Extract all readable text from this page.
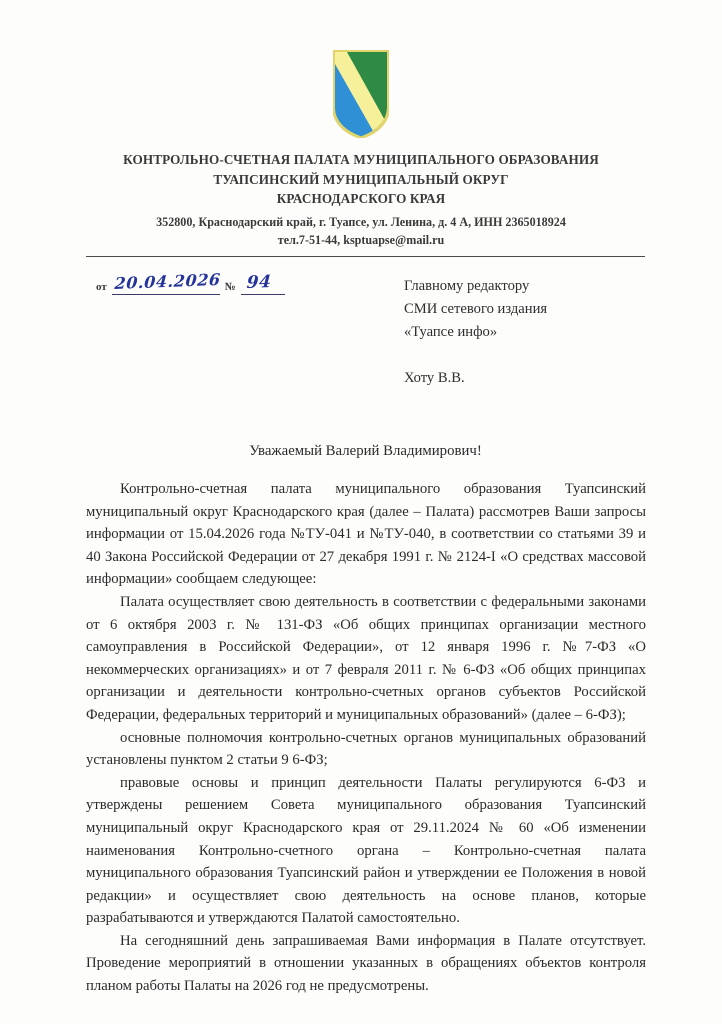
КОНТРОЛЬНО-СЧЕТНАЯ ПАЛАТА МУНИЦИПАЛЬНОГО ОБРАЗОВАНИЯ
ТУАПСИНСКИЙ МУНИЦИПАЛЬНЫЙ ОКРУГ
КРАСНОДАРСКОГО КРАЯ
352800, Краснодарский край, г. Туапсе, ул. Ленина, д. 4 А, ИНН 2365018924
тел.7-51-44, ksptuapse@mail.ru
от 20.04.2026 № 94	Главному редактору
СМИ сетевого издания
«Туапсе инфо»
Хоту В.В.
Уважаемый Валерий Владимирович!

Контрольно-счетная палата муниципального образования Туапсинский муниципальный округ Краснодарского края (далее – Палата) рассмотрев Ваши запросы информации от 15.04.2026 года №ТУ-041 и №ТУ-040, в соответствии со статьями 39 и 40 Закона Российской Федерации от 27 декабря 1991 г. № 2124-I «О средствах массовой информации» сообщаем следующее:

Палата осуществляет свою деятельность в соответствии с федеральными законами от 6 октября 2003 г. № 131-ФЗ «Об общих принципах организации местного самоуправления в Российской Федерации», от 12 января 1996 г. №7-ФЗ «О некоммерческих организациях» и от 7 февраля 2011 г. № 6-ФЗ «Об общих принципах организации и деятельности контрольно-счетных органов субъектов Российской Федерации, федеральных территорий и муниципальных образований» (далее – 6-ФЗ);

основные полномочия контрольно-счетных органов муниципальных образований установлены пунктом 2 статьи 9 6-ФЗ;

правовые основы и принцип деятельности Палаты регулируются 6-ФЗ и утверждены решением Совета муниципального образования Туапсинский муниципальный округ Краснодарского края от 29.11.2024 № 60 «Об изменении наименования Контрольно-счетного органа – Контрольно-счетная палата муниципального образования Туапсинский район и утверждении ее Положения в новой редакции» и осуществляет свою деятельность на основе планов, которые разрабатываются и утверждаются Палатой самостоятельно.

На сегодняшний день запрашиваемая Вами информация в Палате отсутствует. Проведение мероприятий в отношении указанных в обращениях объектов контроля планом работы Палаты на 2026 год не предусмотрены.
